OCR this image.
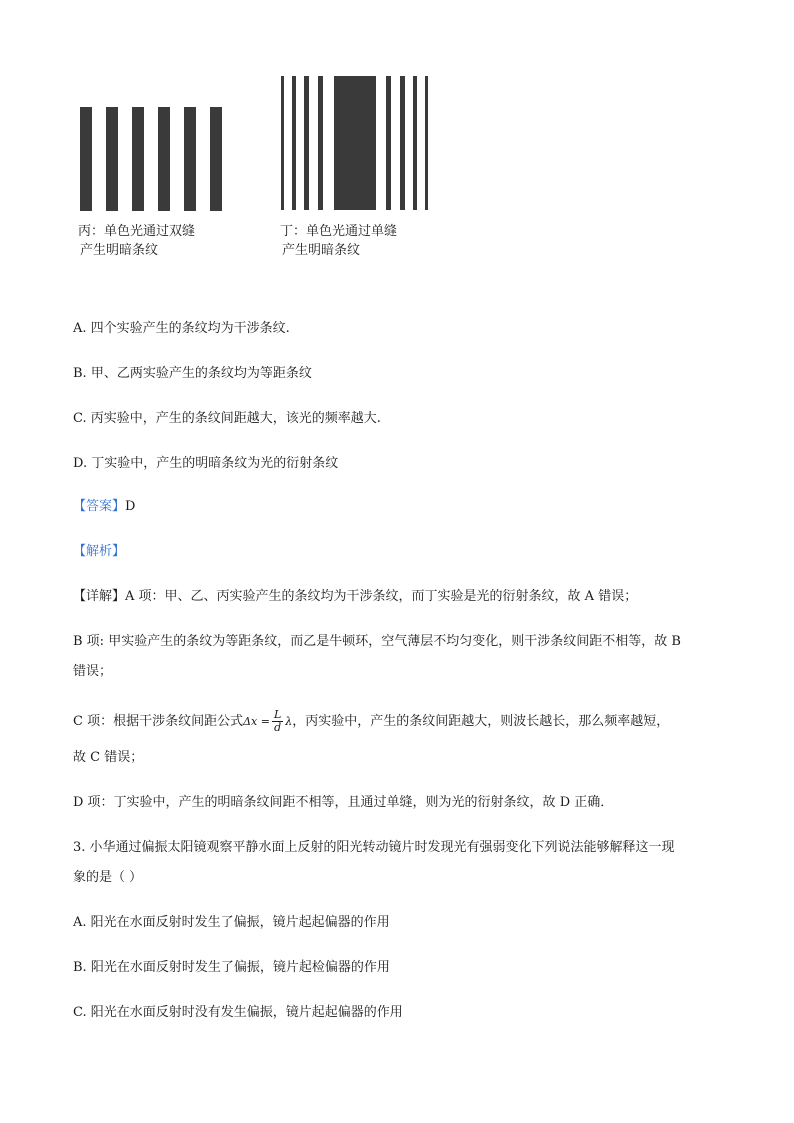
丙：单色光通过双缝
产生明暗条纹
丁：单色光通过单缝
产生明暗条纹
A. 四个实验产生的条纹均为干涉条纹.
B. 甲、乙两实验产生的条纹均为等距条纹
C. 丙实验中，产生的条纹间距越大，该光的频率越大.
D. 丁实验中，产生的明暗条纹为光的衍射条纹
【答案】D
【解析】
【详解】A 项：甲、乙、丙实验产生的条纹均为干涉条纹，而丁实验是光的衍射条纹，故 A 错误；
B 项: 甲实验产生的条纹为等距条纹，而乙是牛顿环，空气薄层不均匀变化，则干涉条纹间距不相等，故 B
错误；
C 项：根据干涉条纹间距公式$\Delta x = \frac{L}{d}$ λ，丙实验中，产生的条纹间距越大，则波长越长，那么频率越短，
故 C 错误；
D 项：丁实验中，产生的明暗条纹间距不相等，且通过单缝，则为光的衍射条纹，故 D 正确．
3. 小华通过偏振太阳镜观察平静水面上反射的阳光转动镜片时发现光有强弱变化下列说法能够解释这一现
象的是（ ）
A. 阳光在水面反射时发生了偏振，镜片起起偏器的作用
B. 阳光在水面反射时发生了偏振，镜片起检偏器的作用
C. 阳光在水面反射时没有发生偏振，镜片起起偏器的作用
